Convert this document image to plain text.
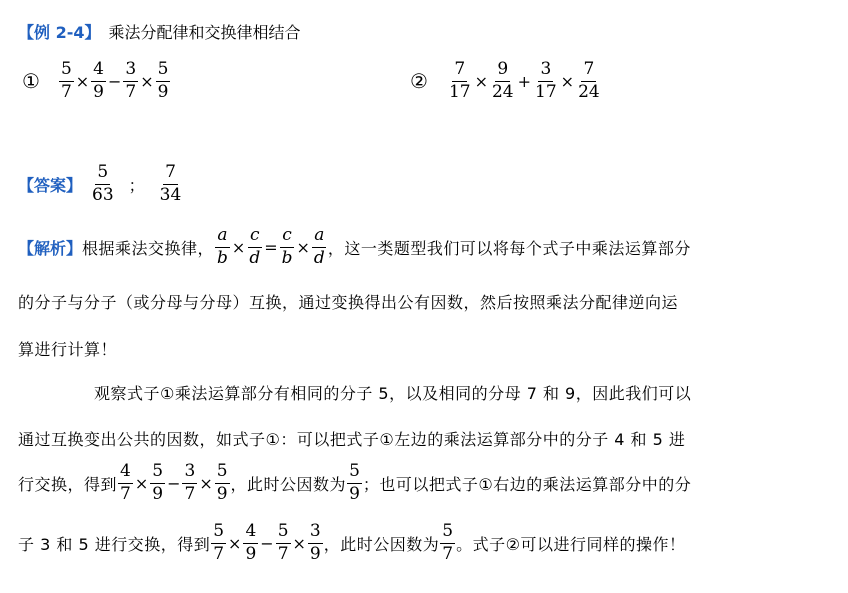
【例 2-4】 乘法分配律和交换律相结合
① $\frac{5}{7} \times \frac{4}{9} - \frac{3}{7} \times \frac{5}{9}$	② $\frac{7}{17} \times \frac{9}{24} + \frac{3}{17} \times \frac{7}{24}$
【答案】 $\frac{5}{63}$ ； $\frac{7}{34}$
【解析】 根据乘法交换律， $\frac{a}{b} \times \frac{c}{d} = \frac{c}{b} \times \frac{a}{d}$ ，这一类题型我们可以将每个式子中乘法运算部分
的分子与分子（或分母与分母）互换，通过变换得出公有因数，然后按照乘法分配律逆向运
算进行计算！
观察式子①乘法运算部分有相同的分子 5，以及相同的分母 7 和 9，因此我们可以
通过互换变出公共的因数，如式子①：可以把式子①左边的乘法运算部分中的分子 4 和 5 进
行交换，得到 $\frac{4}{7} \times \frac{5}{9} - \frac{3}{7} \times \frac{5}{9}$ ，此时公因数为 $\frac{5}{9}$ ；也可以把式子①右边的乘法运算部分中的分
子 3 和 5 进行交换，得到 $\frac{5}{7} \times \frac{4}{9} - \frac{5}{7} \times \frac{3}{9}$ ，此时公因数为 $\frac{5}{7}$ 。式子②可以进行同样的操作！
